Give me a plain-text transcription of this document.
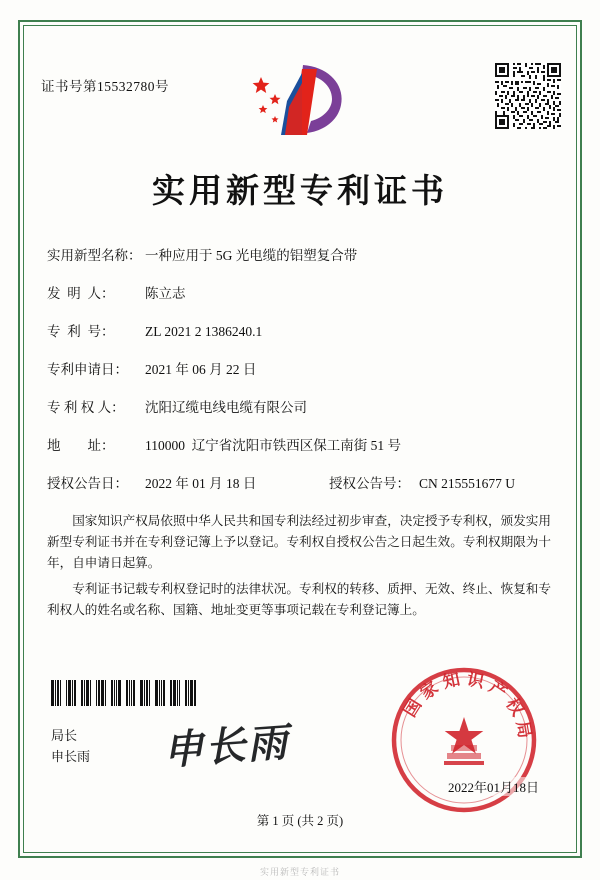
证书号第15532780号
实用新型专利证书
实用新型名称： 一种应用于 5G 光电缆的铝塑复合带
发  明  人： 陈立志
专  利  号： ZL 2021 2 1386240.1
专利申请日： 2021 年 06 月 22 日
专 利 权 人： 沈阳辽缆电线电缆有限公司
地        址： 110000  辽宁省沈阳市铁西区保工南街 51 号
授权公告日： 2022 年 01 月 18 日	授权公告号： CN 215551677 U

国家知识产权局依照中华人民共和国专利法经过初步审查，决定授予专利权，颁发实用新型专利证书并在专利登记簿上予以登记。专利权自授权公告之日起生效。专利权期限为十年，自申请日起算。

专利证书记载专利权登记时的法律状况。专利权的转移、质押、无效、终止、恢复和专利权人的姓名或名称、国籍、地址变更等事项记载在专利登记簿上。

局长
申长雨 申长雨
国
家
知 识 产
权
局
2022年01月18日
第 1 页 (共 2 页)
实用新型专利证书
